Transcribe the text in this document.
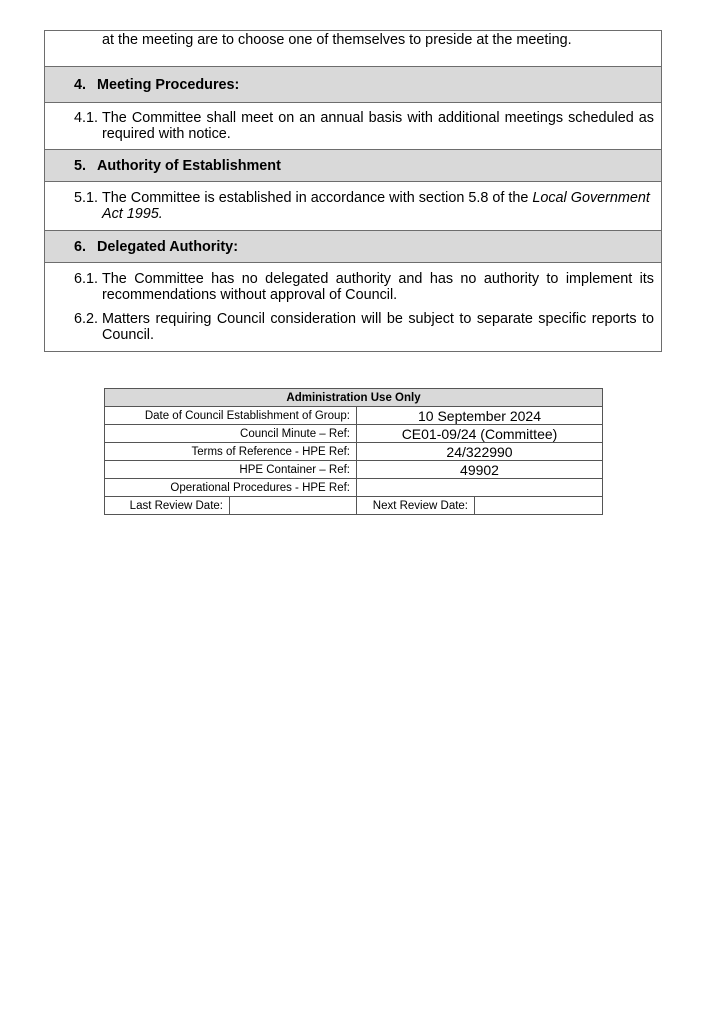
at the meeting are to choose one of themselves to preside at the meeting.

4. Meeting Procedures:

4.1. The Committee shall meet on an annual basis with additional meetings scheduled as required with notice.

5. Authority of Establishment

5.1. The Committee is established in accordance with section 5.8 of the Local Government Act 1995.

6. Delegated Authority:

6.1. The Committee has no delegated authority and has no authority to implement its recommendations without approval of Council.
6.2. Matters requiring Council consideration will be subject to separate specific reports to Council.
Administration Use Only			
Date of Council Establishment of Group:		10 September 2024	
Council Minute – Ref:		CE01-09/24 (Committee)	
Terms of Reference - HPE Ref:		24/322990	
HPE Container – Ref:		49902	
Operational Procedures - HPE Ref:			
Last Review Date:		Next Review Date:	
